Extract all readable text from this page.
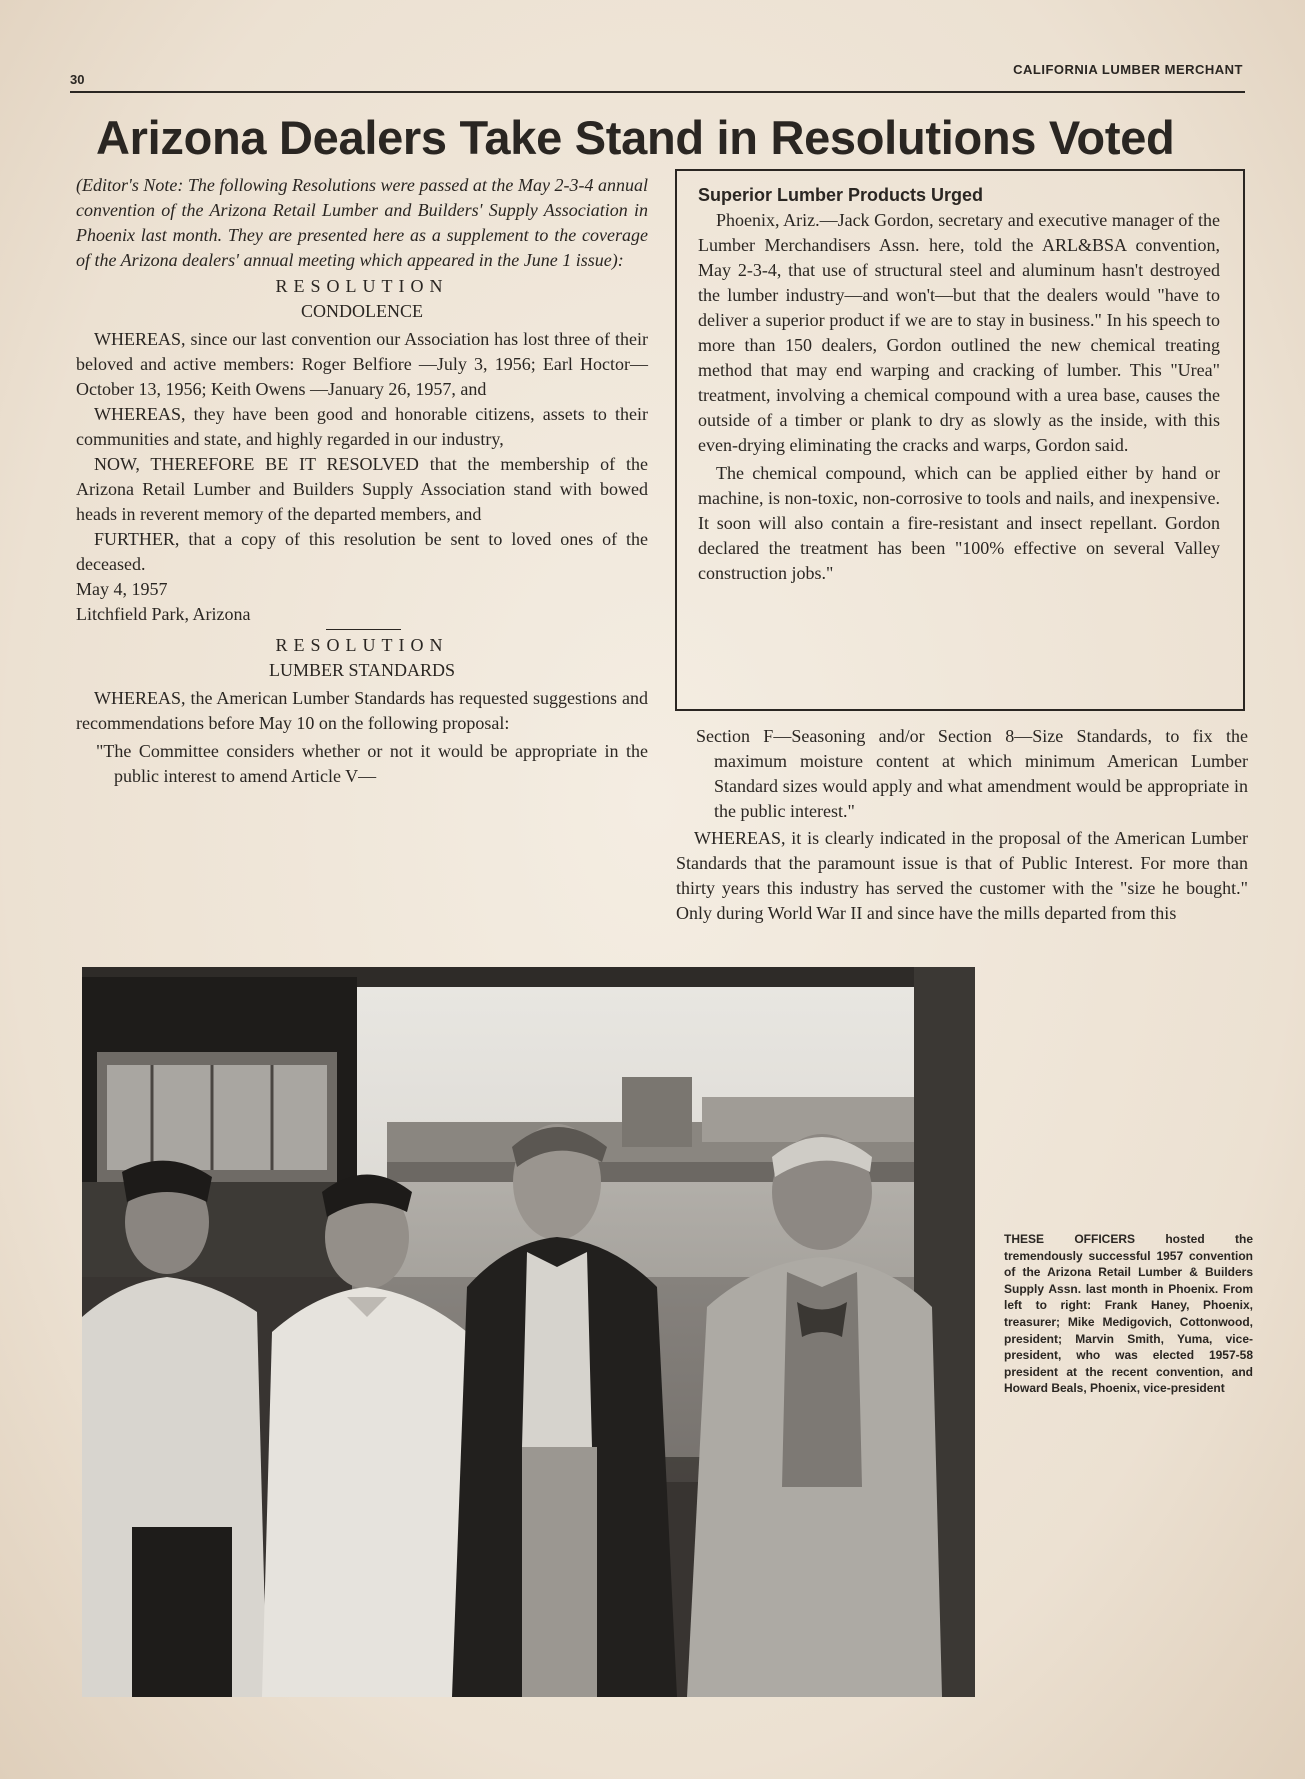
30
CALIFORNIA LUMBER MERCHANT
Arizona Dealers Take Stand in Resolutions Voted

(Editor's Note: The following Resolutions were passed at the May 2-3-4 annual convention of the Arizona Retail Lumber and Builders' Supply Association in Phoenix last month. They are presented here as a supplement to the coverage of the Arizona dealers' annual meeting which appeared in the June 1 issue):

RESOLUTION

CONDOLENCE

WHEREAS, since our last convention our Association has lost three of their beloved and active members: Roger Belfiore —July 3, 1956; Earl Hoctor—October 13, 1956; Keith Owens —January 26, 1957, and

WHEREAS, they have been good and honorable citizens, assets to their communities and state, and highly regarded in our industry,

NOW, THEREFORE BE IT RESOLVED that the membership of the Arizona Retail Lumber and Builders Supply Association stand with bowed heads in reverent memory of the departed members, and

FURTHER, that a copy of this resolution be sent to loved ones of the deceased.

May 4, 1957

Litchfield Park, Arizona

RESOLUTION

LUMBER STANDARDS

WHEREAS, the American Lumber Standards has requested suggestions and recommendations before May 10 on the following proposal:

"The Committee considers whether or not it would be appropriate in the public interest to amend Article V—

Superior Lumber Products Urged

Phoenix, Ariz.—Jack Gordon, secretary and executive manager of the Lumber Merchandisers Assn. here, told the ARL&BSA convention, May 2-3-4, that use of structural steel and aluminum hasn't destroyed the lumber industry—and won't—but that the dealers would "have to deliver a superior product if we are to stay in business." In his speech to more than 150 dealers, Gordon outlined the new chemical treating method that may end warping and cracking of lumber. This "Urea" treatment, involving a chemical compound with a urea base, causes the outside of a timber or plank to dry as slowly as the inside, with this even-drying eliminating the cracks and warps, Gordon said.

The chemical compound, which can be applied either by hand or machine, is non-toxic, non-corrosive to tools and nails, and inexpensive. It soon will also contain a fire-resistant and insect repellant. Gordon declared the treatment has been "100% effective on several Valley construction jobs."

Section F—Seasoning and/or Section 8—Size Standards, to fix the maximum moisture content at which minimum American Lumber Standard sizes would apply and what amendment would be appropriate in the public interest."

WHEREAS, it is clearly indicated in the proposal of the American Lumber Standards that the paramount issue is that of Public Interest. For more than thirty years this industry has served the customer with the "size he bought." Only during World War II and since have the mills departed from this

THESE OFFICERS hosted the tremendously successful 1957 convention of the Arizona Retail Lumber & Builders Supply Assn. last month in Phoenix. From left to right: Frank Haney, Phoenix, treasurer; Mike Medigovich, Cottonwood, president; Marvin Smith, Yuma, vice-president, who was elected 1957-58 president at the recent convention, and Howard Beals, Phoenix, vice-president
